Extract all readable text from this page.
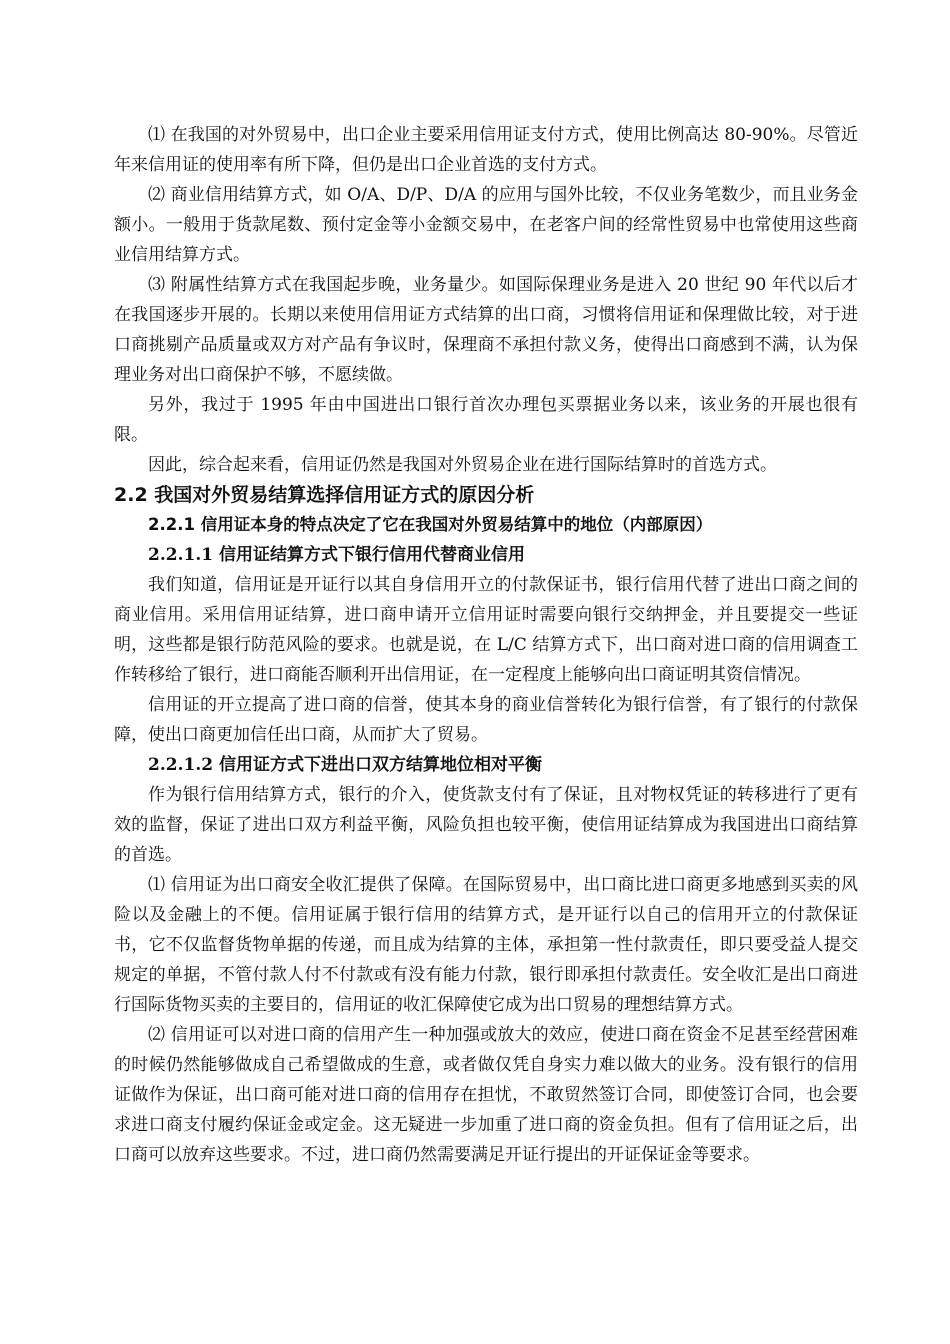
⑴ 在我国的对外贸易中，出口企业主要采用信用证支付方式，使用比例高达 80-90%。尽管近年来信用证的使用率有所下降，但仍是出口企业首选的支付方式。

⑵ 商业信用结算方式，如 O/A、D/P、D/A 的应用与国外比较，不仅业务笔数少，而且业务金额小。一般用于货款尾数、预付定金等小金额交易中，在老客户间的经常性贸易中也常使用这些商业信用结算方式。

⑶ 附属性结算方式在我国起步晚，业务量少。如国际保理业务是进入 20 世纪 90 年代以后才在我国逐步开展的。长期以来使用信用证方式结算的出口商，习惯将信用证和保理做比较，对于进口商挑剔产品质量或双方对产品有争议时，保理商不承担付款义务，使得出口商感到不满，认为保理业务对出口商保护不够，不愿续做。

另外，我过于 1995 年由中国进出口银行首次办理包买票据业务以来，该业务的开展也很有限。

因此，综合起来看，信用证仍然是我国对外贸易企业在进行国际结算时的首选方式。

2.2 我国对外贸易结算选择信用证方式的原因分析
2.2.1 信用证本身的特点决定了它在我国对外贸易结算中的地位（内部原因）
2.2.1.1 信用证结算方式下银行信用代替商业信用

我们知道，信用证是开证行以其自身信用开立的付款保证书，银行信用代替了进出口商之间的商业信用。采用信用证结算，进口商申请开立信用证时需要向银行交纳押金，并且要提交一些证明，这些都是银行防范风险的要求。也就是说，在 L/C 结算方式下，出口商对进口商的信用调查工作转移给了银行，进口商能否顺利开出信用证，在一定程度上能够向出口商证明其资信情况。

信用证的开立提高了进口商的信誉，使其本身的商业信誉转化为银行信誉，有了银行的付款保障，使出口商更加信任出口商，从而扩大了贸易。

2.2.1.2 信用证方式下进出口双方结算地位相对平衡

作为银行信用结算方式，银行的介入，使货款支付有了保证，且对物权凭证的转移进行了更有效的监督，保证了进出口双方利益平衡，风险负担也较平衡，使信用证结算成为我国进出口商结算的首选。

⑴ 信用证为出口商安全收汇提供了保障。在国际贸易中，出口商比进口商更多地感到买卖的风险以及金融上的不便。信用证属于银行信用的结算方式，是开证行以自己的信用开立的付款保证书，它不仅监督货物单据的传递，而且成为结算的主体，承担第一性付款责任，即只要受益人提交规定的单据，不管付款人付不付款或有没有能力付款，银行即承担付款责任。安全收汇是出口商进行国际货物买卖的主要目的，信用证的收汇保障使它成为出口贸易的理想结算方式。

⑵ 信用证可以对进口商的信用产生一种加强或放大的效应，使进口商在资金不足甚至经营困难的时候仍然能够做成自己希望做成的生意，或者做仅凭自身实力难以做大的业务。没有银行的信用证做作为保证，出口商可能对进口商的信用存在担忧，不敢贸然签订合同，即使签订合同，也会要求进口商支付履约保证金或定金。这无疑进一步加重了进口商的资金负担。但有了信用证之后，出口商可以放弃这些要求。不过，进口商仍然需要满足开证行提出的开证保证金等要求。
